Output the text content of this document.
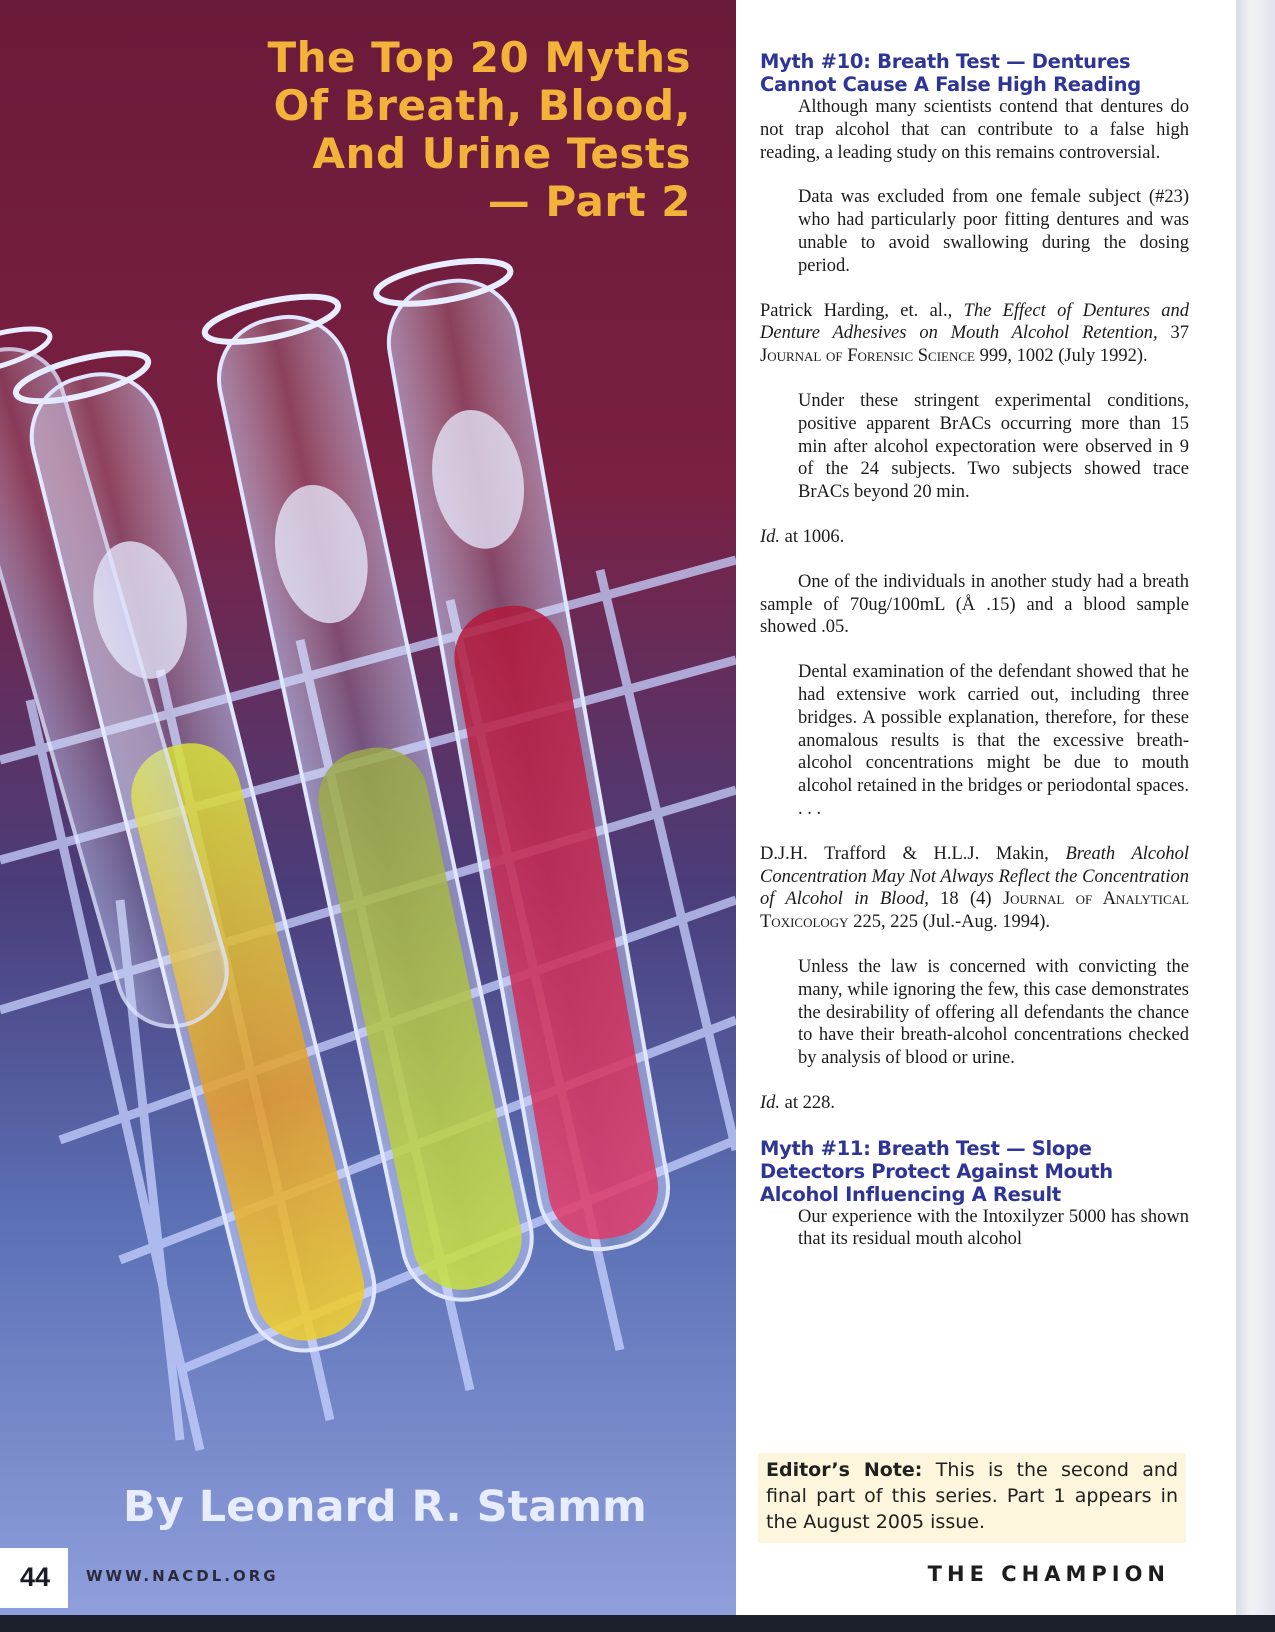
The Top 20 Myths
Of Breath, Blood,
And Urine Tests
— Part 2
By Leonard R. Stamm

Myth #10: Breath Test — Dentures Cannot Cause A False High Reading

Although many scientists contend that dentures do not trap alcohol that can contribute to a false high reading, a leading study on this remains controversial.

Data was excluded from one female subject (#23) who had particularly poor fitting dentures and was unable to avoid swallowing during the dosing period.

Patrick Harding, et. al., The Effect of Dentures and Denture Adhesives on Mouth Alcohol Retention, 37 Journal of Forensic Science 999, 1002 (July 1992).

Under these stringent experimental conditions, positive apparent BrACs occurring more than 15 min after alcohol expectoration were observed in 9 of the 24 subjects. Two subjects showed trace BrACs beyond 20 min.

Id. at 1006.

One of the individuals in another study had a breath sample of 70ug/100mL (Å .15) and a blood sample showed .05.

Dental examination of the defendant showed that he had extensive work carried out, including three bridges. A possible explanation, therefore, for these anomalous results is that the excessive breath-alcohol concentrations might be due to mouth alcohol retained in the bridges or periodontal spaces. . . .

D.J.H. Trafford & H.L.J. Makin, Breath Alcohol Concentration May Not Always Reflect the Concentration of Alcohol in Blood, 18 (4) Journal of Analytical Toxicology 225, 225 (Jul.-Aug. 1994).

Unless the law is concerned with convicting the many, while ignoring the few, this case demonstrates the desirability of offering all defendants the chance to have their breath-alcohol concentrations checked by analysis of blood or urine.

Id. at 228.

Myth #11: Breath Test — Slope Detectors Protect Against Mouth Alcohol Influencing A Result

Our experience with the Intoxilyzer 5000 has shown that its residual mouth alcohol

Editor’s Note: This is the second and final part of this series. Part 1 appears in the August 2005 issue.
44 WWW.NACDL.ORG	THE CHAMPION
